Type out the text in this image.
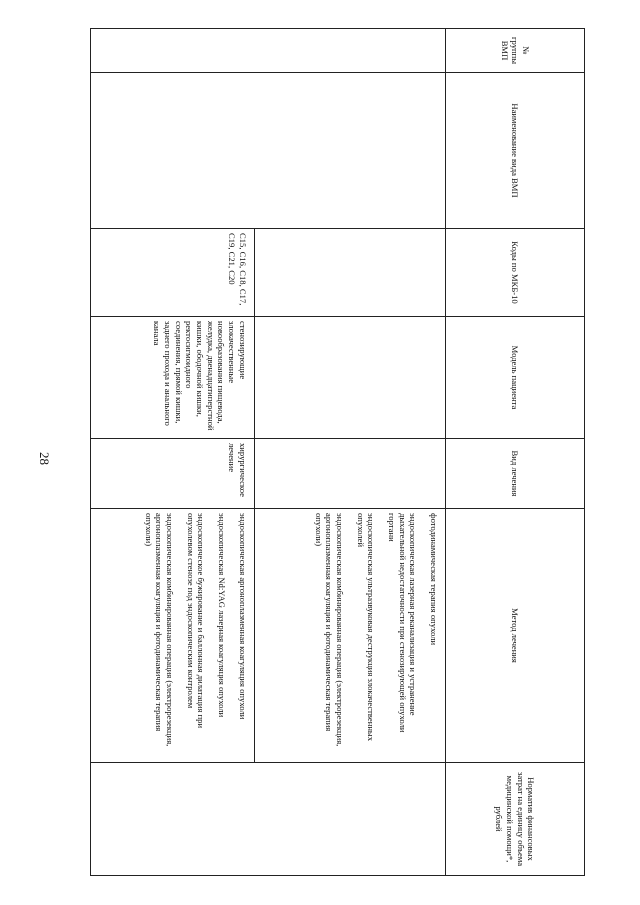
28
№ группы ВМП	Наименование вида ВМП	Коды по МКБ-10	Модель пациента	Вид лечения	Метод лечения	Норматив финансовых затрат на единицу объема медицинской помощи*, рублей

					фотодинамическая терапия опухоли
эндоскопическая лазерная реканализация и устранение дыхательной недостаточности при стенозирующей опухоли гортани
эндоскопическая ультразвуковая деструкция злокачественных опухолей
эндоскопическая комбинированная операция (электрорезекция, аргоноплазменная коагуляция и фотодинамическая терапия опухоли)	

		C15, C16, C18, C17, C19, C21, C20	стенозирующие злокачественные новообразования пищевода, желудка, двенадцатиперстной кишки, ободочной кишки, ректосигмоидного соединения, прямой кишки, заднего прохода и анального канала	хирургическое лечение	эндоскопическая аргоноплазменная коагуляция опухоли
эндоскопическая Nd:YAG лазерная коагуляция опухоли
эндоскопическое бужирование и баллонная дилатация при опухолевом стенозе под эндоскопическим контролем
эндоскопическая комбинированная операция (электрорезекция, аргоноплазменная коагуляция и фотодинамическая терапия опухоли)	
